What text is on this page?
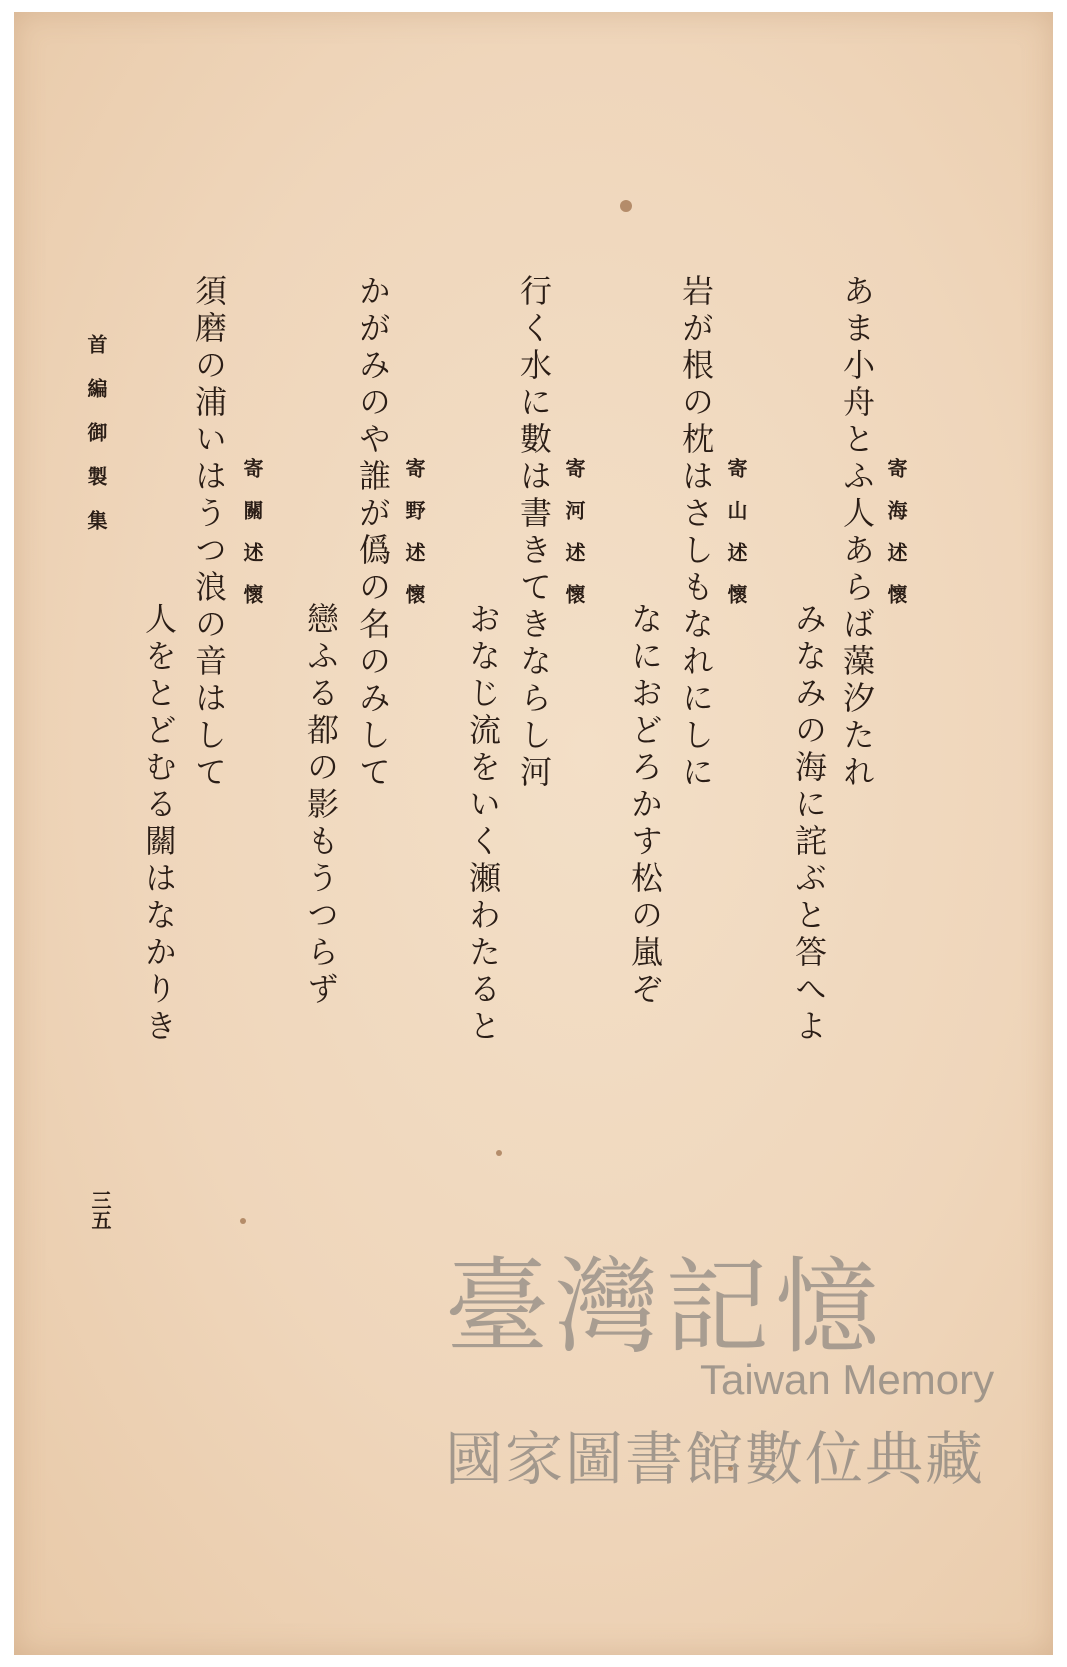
寄海述懷
あま小舟とふ人あらば藻汐たれ
みなみの海に詫ぶと答へよ
寄山述懷
岩が根の枕はさしもなれにしに
なにおどろかす松の嵐ぞ
寄河述懷
行く水に數は書きてきならし河
おなじ流をいく瀬わたると
寄野述懷
かがみのや誰が僞の名のみして
戀ふる都の影もうつらず
寄關述懷
須磨の浦いはうつ浪の音はして
人をとどむる關はなかりき
首編御製集
三五
臺灣記憶
Taiwan Memory
國家圖書館數位典藏
